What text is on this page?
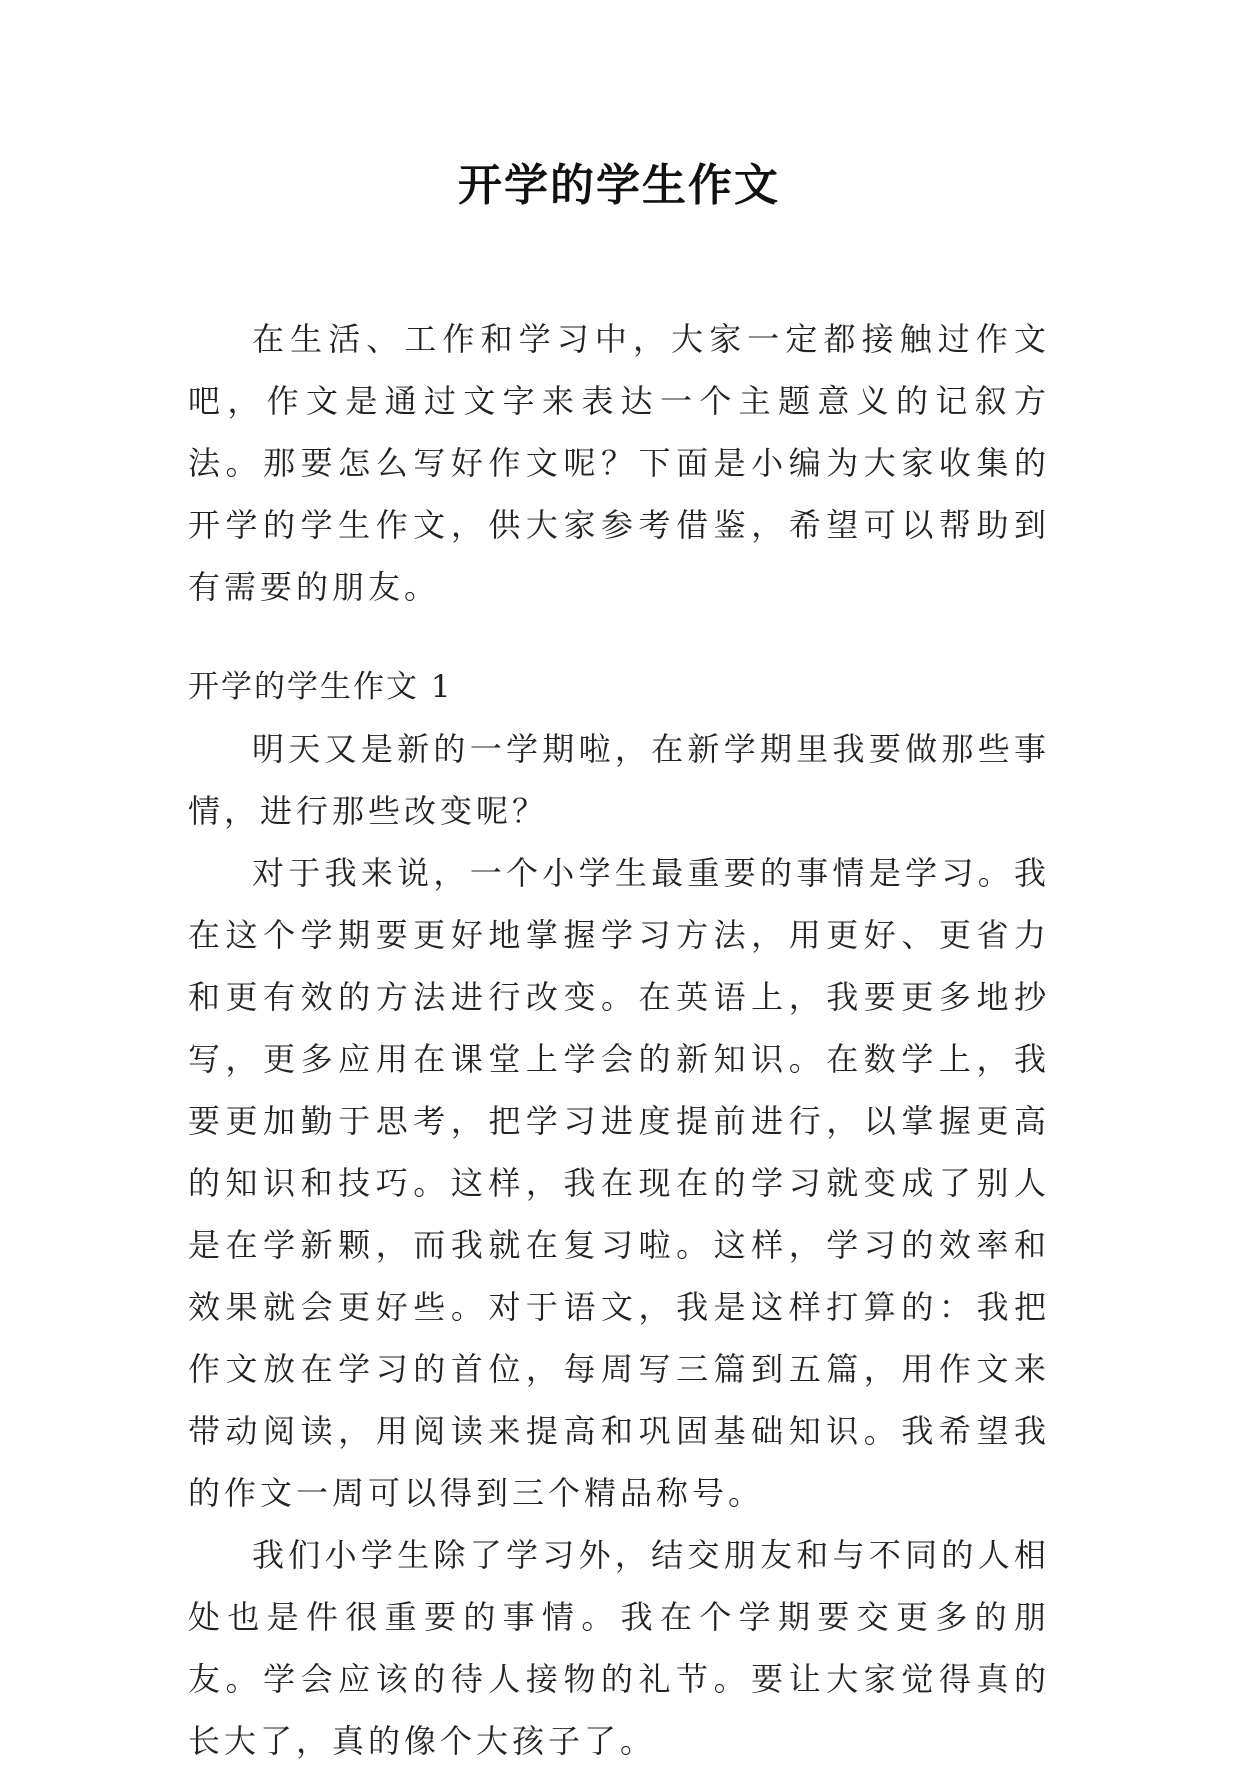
开学的学生作文

在生活、工作和学习中，大家一定都接触过作文吧，作文是通过文字来表达一个主题意义的记叙方法。那要怎么写好作文呢？下面是小编为大家收集的开学的学生作文，供大家参考借鉴，希望可以帮助到有需要的朋友。

开学的学生作文 1

明天又是新的一学期啦，在新学期里我要做那些事情，进行那些改变呢？

对于我来说，一个小学生最重要的事情是学习。我在这个学期要更好地掌握学习方法，用更好、更省力和更有效的方法进行改变。在英语上，我要更多地抄写，更多应用在课堂上学会的新知识。在数学上，我要更加勤于思考，把学习进度提前进行，以掌握更高的知识和技巧。这样，我在现在的学习就变成了别人是在学新颗，而我就在复习啦。这样，学习的效率和效果就会更好些。对于语文，我是这样打算的：我把作文放在学习的首位，每周写三篇到五篇，用作文来带动阅读，用阅读来提高和巩固基础知识。我希望我的作文一周可以得到三个精品称号。

我们小学生除了学习外，结交朋友和与不同的人相处也是件很重要的事情。我在个学期要交更多的朋友。学会应该的待人接物的礼节。要让大家觉得真的长大了，真的像个大孩子了。
